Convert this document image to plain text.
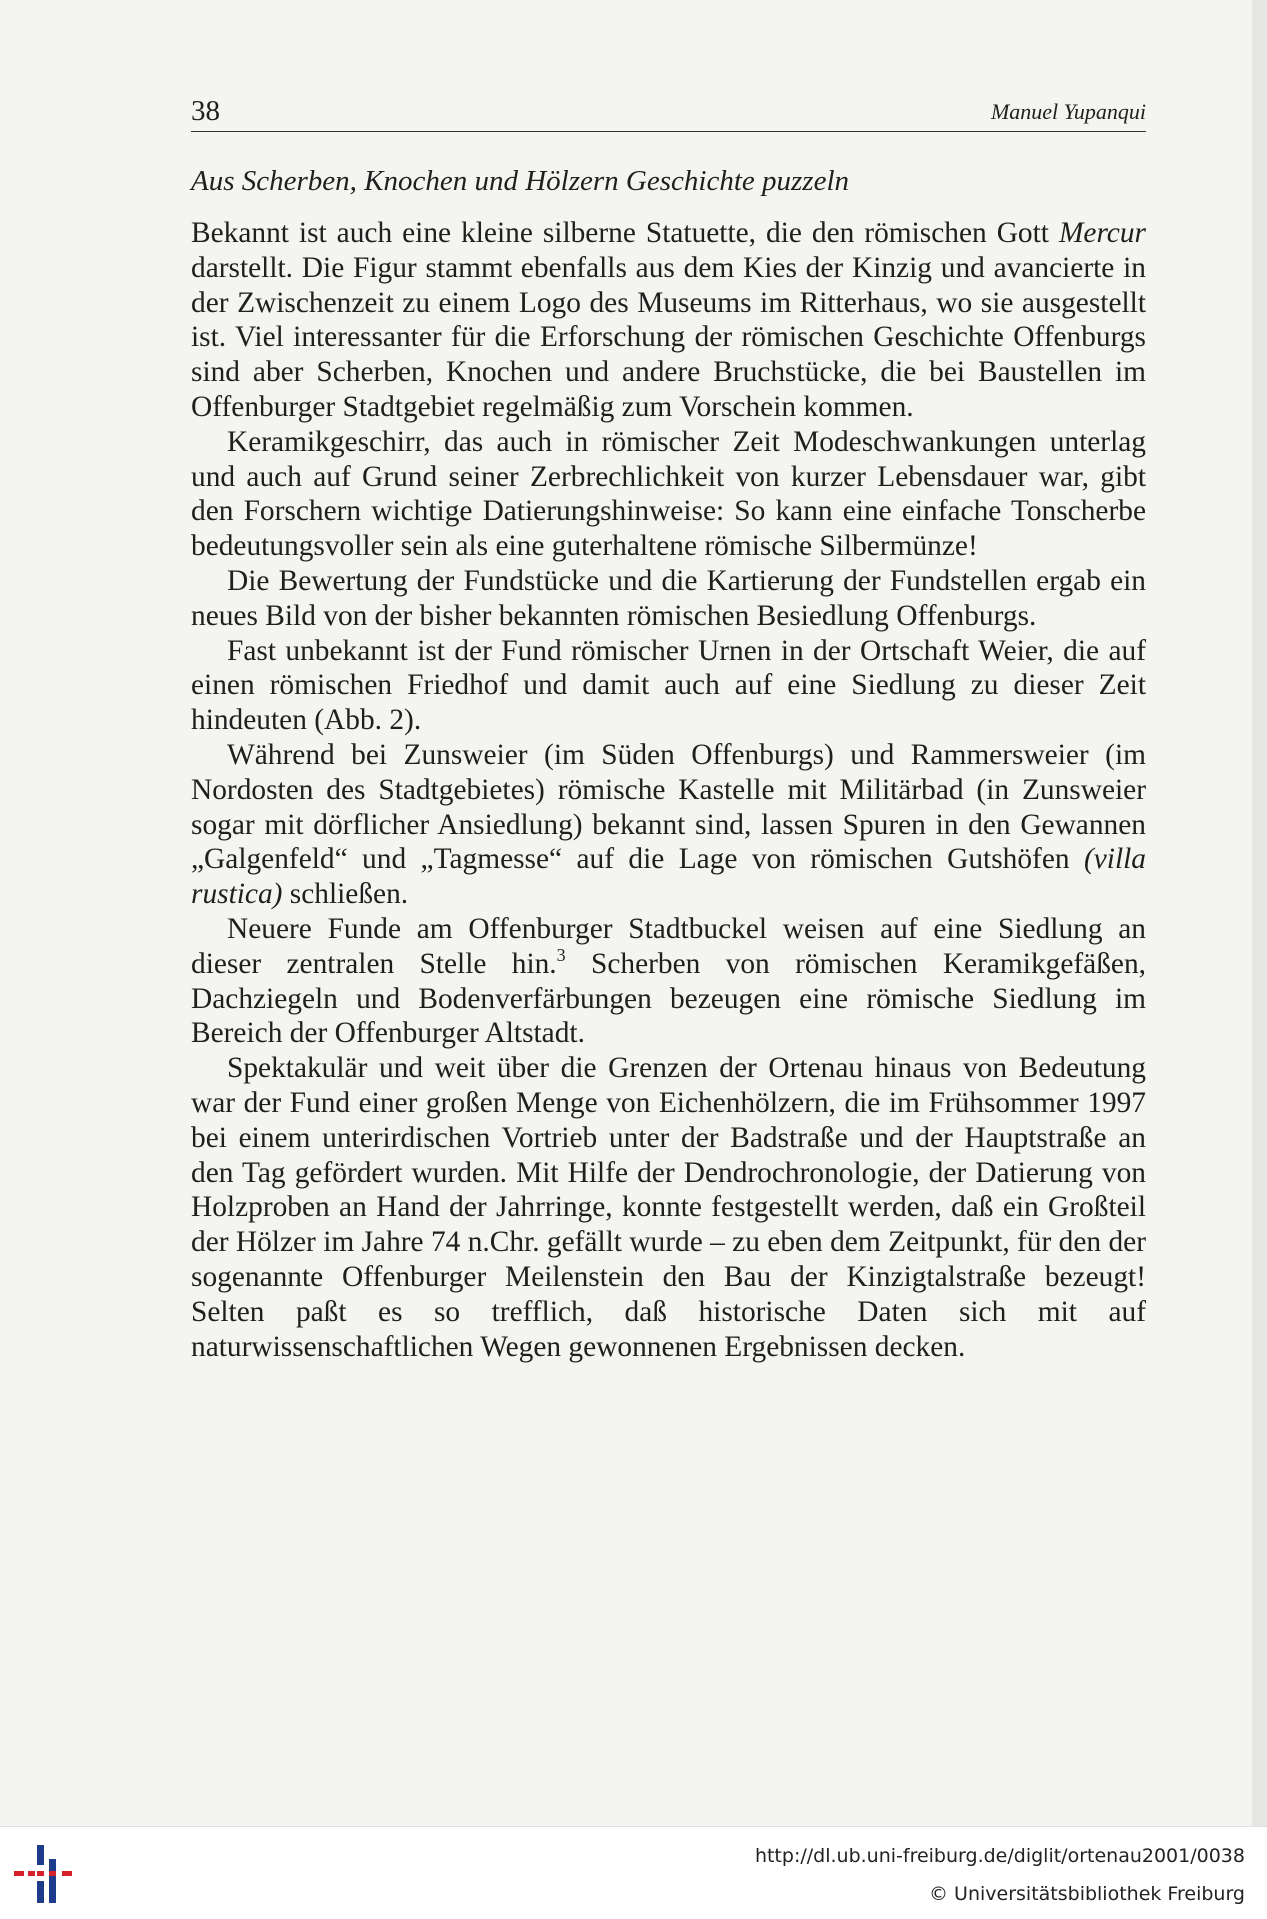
38	Manuel Yupanqui
Aus Scherben, Knochen und Hölzern Geschichte puzzeln

Bekannt ist auch eine kleine silberne Statuette, die den römischen Gott Mercur darstellt. Die Figur stammt ebenfalls aus dem Kies der Kinzig und avancierte in der Zwischenzeit zu einem Logo des Museums im Ritterhaus, wo sie ausgestellt ist. Viel interessanter für die Erforschung der römischen Geschichte Offenburgs sind aber Scherben, Knochen und andere Bruchstücke, die bei Baustellen im Offenburger Stadtgebiet regelmäßig zum Vorschein kommen.

Keramikgeschirr, das auch in römischer Zeit Modeschwankungen unterlag und auch auf Grund seiner Zerbrechlichkeit von kurzer Lebensdauer war, gibt den Forschern wichtige Datierungshinweise: So kann eine einfache Tonscherbe bedeutungsvoller sein als eine guterhaltene römische Silbermünze!

Die Bewertung der Fundstücke und die Kartierung der Fundstellen ergab ein neues Bild von der bisher bekannten römischen Besiedlung Offenburgs.

Fast unbekannt ist der Fund römischer Urnen in der Ortschaft Weier, die auf einen römischen Friedhof und damit auch auf eine Siedlung zu dieser Zeit hindeuten (Abb. 2).

Während bei Zunsweier (im Süden Offenburgs) und Rammersweier (im Nordosten des Stadtgebietes) römische Kastelle mit Militärbad (in Zunsweier sogar mit dörflicher Ansiedlung) bekannt sind, lassen Spuren in den Gewannen „Galgenfeld“ und „Tagmesse“ auf die Lage von römischen Gutshöfen (villa rustica) schließen.

Neuere Funde am Offenburger Stadtbuckel weisen auf eine Siedlung an dieser zentralen Stelle hin.$^3$ Scherben von römischen Keramikgefäßen, Dachziegeln und Bodenverfärbungen bezeugen eine römische Siedlung im Bereich der Offenburger Altstadt.

Spektakulär und weit über die Grenzen der Ortenau hinaus von Bedeutung war der Fund einer großen Menge von Eichenhölzern, die im Frühsommer 1997 bei einem unterirdischen Vortrieb unter der Badstraße und der Hauptstraße an den Tag gefördert wurden. Mit Hilfe der Dendrochronologie, der Datierung von Holzproben an Hand der Jahrringe, konnte festgestellt werden, daß ein Großteil der Hölzer im Jahre 74 n.Chr. gefällt wurde – zu eben dem Zeitpunkt, für den der sogenannte Offenburger Meilenstein den Bau der Kinzigtalstraße bezeugt! Selten paßt es so trefflich, daß historische Daten sich mit auf naturwissenschaftlichen Wegen gewonnenen Ergebnissen decken.

http://dl.ub.uni-freiburg.de/diglit/ortenau2001/0038
© Universitätsbibliothek Freiburg
